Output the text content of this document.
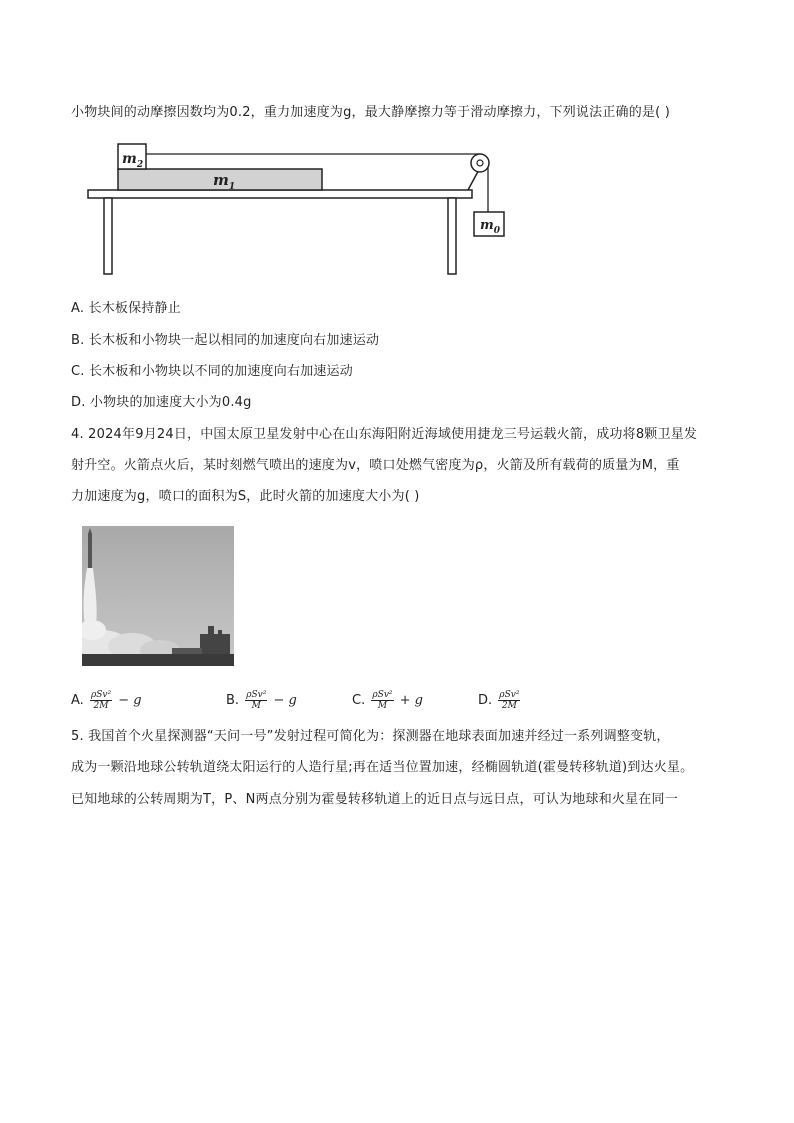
小物块间的动摩擦因数均为0.2，重力加速度为g，最大静摩擦力等于滑动摩擦力，下列说法正确的是( )
$m_2$
$m_1$
$m_0$
A. 长木板保持静止
B. 长木板和小物块一起以相同的加速度向右加速运动
C. 长木板和小物块以不同的加速度向右加速运动
D. 小物块的加速度大小为0.4g
4. 2024年9月24日，中国太原卫星发射中心在山东海阳附近海域使用捷龙三号运载火箭，成功将8颗卫星发
射升空。火箭点火后，某时刻燃气喷出的速度为v，喷口处燃气密度为ρ，火箭及所有载荷的质量为M，重
力加速度为g，喷口的面积为S，此时火箭的加速度大小为( )
A. $\frac{\text{ρSv²}}{2M} - g$	B. $\frac{\text{ρSv²}}{M} - g$	C. $\frac{\text{ρSv²}}{M} + g$	D. $\frac{\text{ρSv²}}{2M}$
5. 我国首个火星探测器“天问一号”发射过程可简化为：探测器在地球表面加速并经过一系列调整变轨，
成为一颗沿地球公转轨道绕太阳运行的人造行星;再在适当位置加速，经椭圆轨道(霍曼转移轨道)到达火星。
已知地球的公转周期为T，P、N两点分别为霍曼转移轨道上的近日点与远日点，可认为地球和火星在同一
